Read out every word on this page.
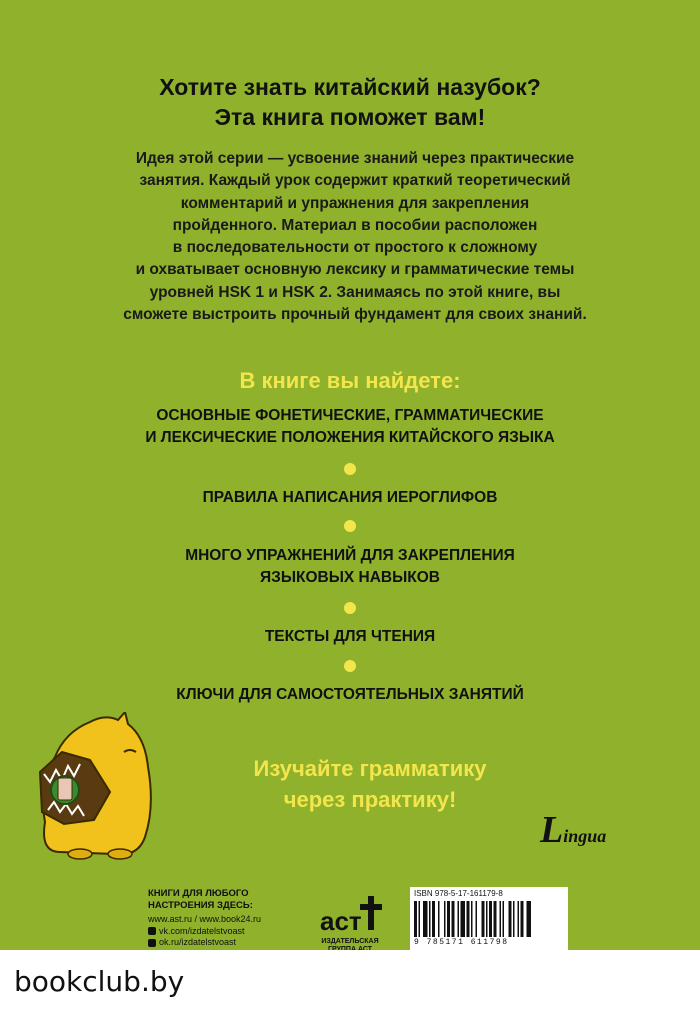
Хотите знать китайский назубок?
Эта книга поможет вам!
Идея этой серии — усвоение знаний через практические
занятия. Каждый урок содержит краткий теоретический
комментарий и упражнения для закрепления
пройденного. Материал в пособии расположен
в последовательности от простого к сложному
и охватывает основную лексику и грамматические темы
уровней HSK 1 и HSK 2. Занимаясь по этой книге, вы
сможете выстроить прочный фундамент для своих знаний.
В книге вы найдете:
ОСНОВНЫЕ ФОНЕТИЧЕСКИЕ, ГРАММАТИЧЕСКИЕ
И ЛЕКСИЧЕСКИЕ ПОЛОЖЕНИЯ КИТАЙСКОГО ЯЗЫКА
ПРАВИЛА НАПИСАНИЯ ИЕРОГЛИФОВ
МНОГО УПРАЖНЕНИЙ ДЛЯ ЗАКРЕПЛЕНИЯ
ЯЗЫКОВЫХ НАВЫКОВ
ТЕКСТЫ ДЛЯ ЧТЕНИЯ
КЛЮЧИ ДЛЯ САМОСТОЯТЕЛЬНЫХ ЗАНЯТИЙ
Изучайте грамматику
через практику!
Lingua
КНИГИ ДЛЯ ЛЮБОГО
НАСТРОЕНИЯ ЗДЕСЬ:
www.ast.ru / www.book24.ru
vk.com/izdatelstvoast
ok.ru/izdatelstvoast
аст
ИЗДАТЕЛЬСКАЯ
ГРУППА АСТ
ISBN 978-5-17-161179-8
9 785171 611798
bookclub.by
